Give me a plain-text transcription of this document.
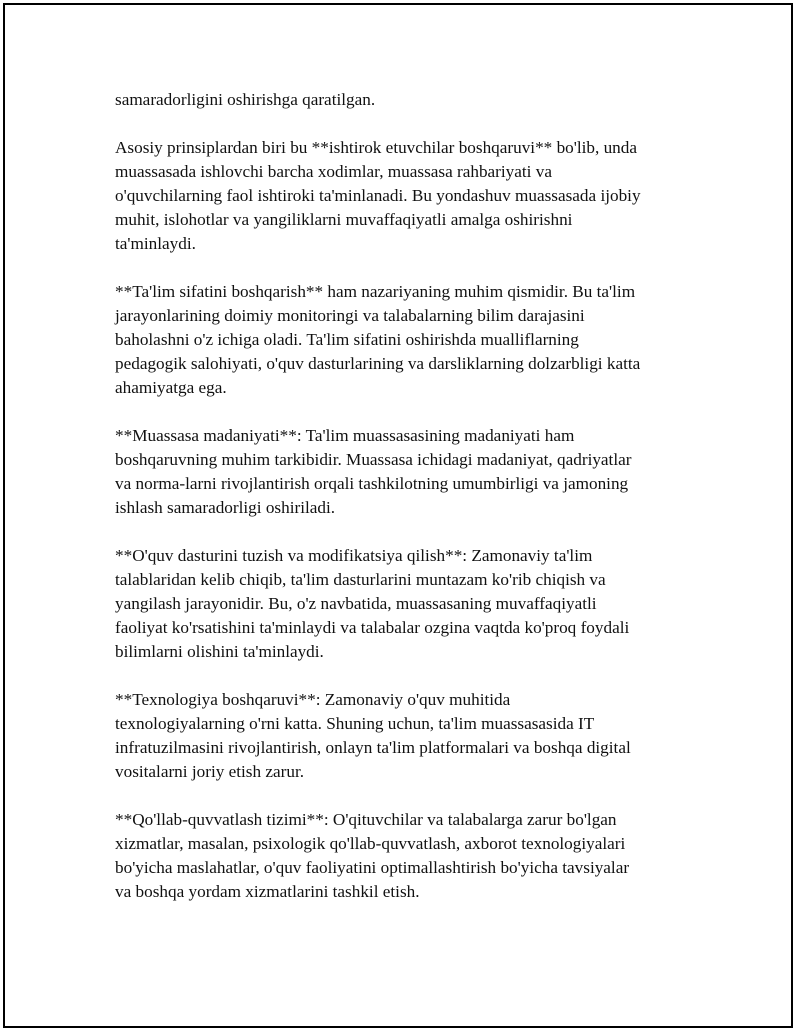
samaradorligini oshirishga qaratilgan.

Asosiy prinsiplardan biri bu **ishtirok etuvchilar boshqaruvi** bo'lib, unda
muassasada ishlovchi barcha xodimlar, muassasa rahbariyati va
o'quvchilarning faol ishtiroki ta'minlanadi. Bu yondashuv muassasada ijobiy
muhit, islohotlar va yangiliklarni muvaffaqiyatli amalga oshirishni
ta'minlaydi.

**Ta'lim sifatini boshqarish** ham nazariyaning muhim qismidir. Bu ta'lim
jarayonlarining doimiy monitoringi va talabalarning bilim darajasini
baholashni o'z ichiga oladi. Ta'lim sifatini oshirishda mualliflarning
pedagogik salohiyati, o'quv dasturlarining va darsliklarning dolzarbligi katta
ahamiyatga ega.

**Muassasa madaniyati**: Ta'lim muassasasining madaniyati ham
boshqaruvning muhim tarkibidir. Muassasa ichidagi madaniyat, qadriyatlar
va norma-larni rivojlantirish orqali tashkilotning umumbirligi va jamoning
ishlash samaradorligi oshiriladi.

**O'quv dasturini tuzish va modifikatsiya qilish**: Zamonaviy ta'lim
talablaridan kelib chiqib, ta'lim dasturlarini muntazam ko'rib chiqish va
yangilash jarayonidir. Bu, o'z navbatida, muassasaning muvaffaqiyatli
faoliyat ko'rsatishini ta'minlaydi va talabalar ozgina vaqtda ko'proq foydali
bilimlarni olishini ta'minlaydi.

**Texnologiya boshqaruvi**: Zamonaviy o'quv muhitida
texnologiyalarning o'rni katta. Shuning uchun, ta'lim muassasasida IT
infratuzilmasini rivojlantirish, onlayn ta'lim platformalari va boshqa digital
vositalarni joriy etish zarur.

**Qo'llab-quvvatlash tizimi**: O'qituvchilar va talabalarga zarur bo'lgan
xizmatlar, masalan, psixologik qo'llab-quvvatlash, axborot texnologiyalari
bo'yicha maslahatlar, o'quv faoliyatini optimallashtirish bo'yicha tavsiyalar
va boshqa yordam xizmatlarini tashkil etish.
